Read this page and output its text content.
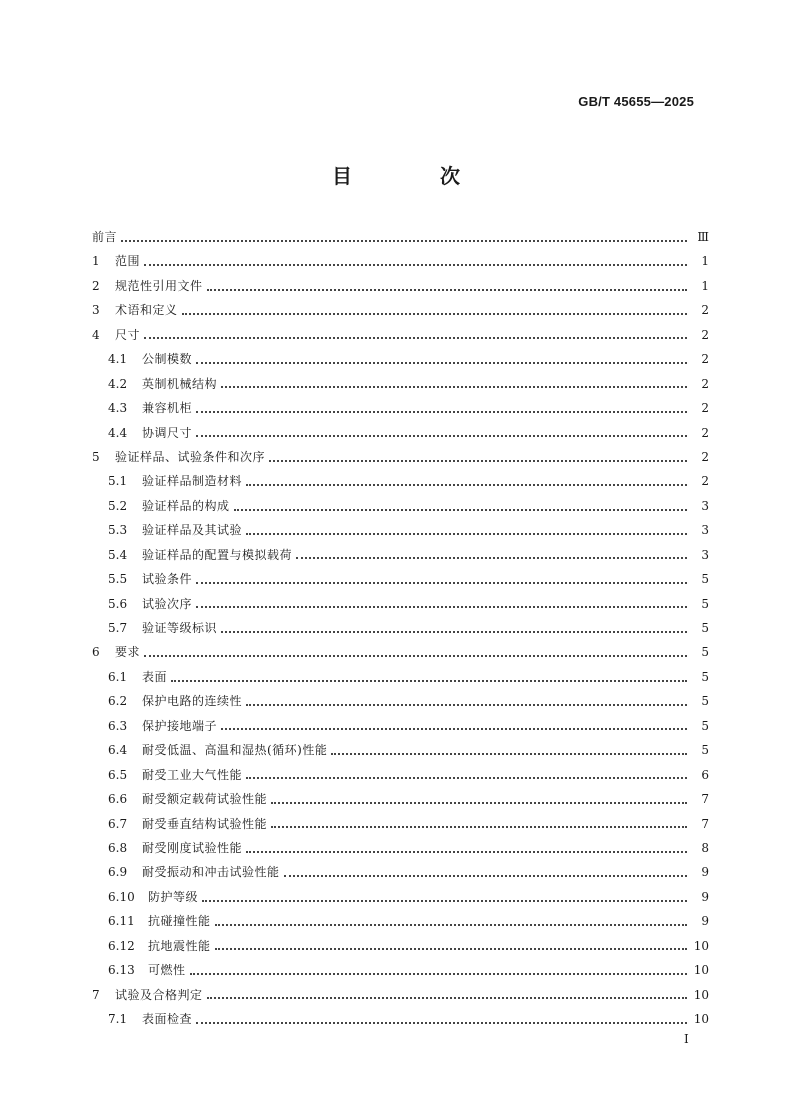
GB/T 45655—2025
目　次
前言	Ⅲ
1	范围	1
2	规范性引用文件	1
3	术语和定义	2
4	尺寸	2
4.1	公制模数	2
4.2	英制机械结构	2
4.3	兼容机柜	2
4.4	协调尺寸	2
5	验证样品、试验条件和次序	2
5.1	验证样品制造材料	2
5.2	验证样品的构成	3
5.3	验证样品及其试验	3
5.4	验证样品的配置与模拟载荷	3
5.5	试验条件	5
5.6	试验次序	5
5.7	验证等级标识	5
6	要求	5
6.1	表面	5
6.2	保护电路的连续性	5
6.3	保护接地端子	5
6.4	耐受低温、高温和湿热(循环)性能	5
6.5	耐受工业大气性能	6
6.6	耐受额定载荷试验性能	7
6.7	耐受垂直结构试验性能	7
6.8	耐受刚度试验性能	8
6.9	耐受振动和冲击试验性能	9
6.10	防护等级	9
6.11	抗碰撞性能	9
6.12	抗地震性能	10
6.13	可燃性	10
7	试验及合格判定	10
7.1	表面检查	10
Ⅰ
